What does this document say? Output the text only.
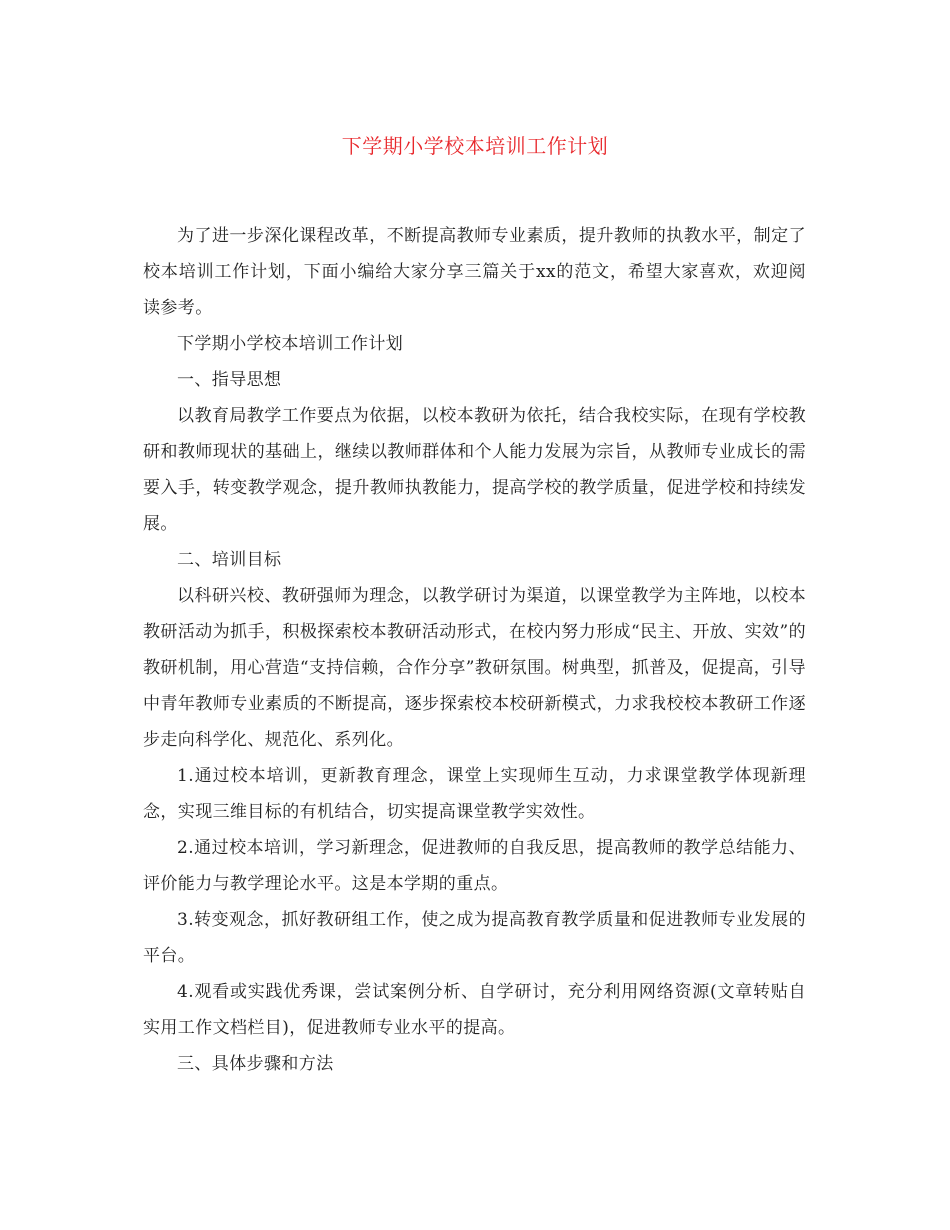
下学期小学校本培训工作计划

为了进一步深化课程改革，不断提高教师专业素质，提升教师的执教水平，制定了校本培训工作计划，下面小编给大家分享三篇关于xx的范文，希望大家喜欢，欢迎阅读参考。

下学期小学校本培训工作计划

一、指导思想

以教育局教学工作要点为依据，以校本教研为依托，结合我校实际，在现有学校教研和教师现状的基础上，继续以教师群体和个人能力发展为宗旨，从教师专业成长的需要入手，转变教学观念，提升教师执教能力，提高学校的教学质量，促进学校和持续发展。

二、培训目标

以科研兴校、教研强师为理念，以教学研讨为渠道，以课堂教学为主阵地，以校本教研活动为抓手，积极探索校本教研活动形式，在校内努力形成“民主、开放、实效”的教研机制，用心营造“支持信赖，合作分享”教研氛围。树典型，抓普及，促提高，引导中青年教师专业素质的不断提高，逐步探索校本校研新模式，力求我校校本教研工作逐步走向科学化、规范化、系列化。

1.通过校本培训，更新教育理念，课堂上实现师生互动，力求课堂教学体现新理念，实现三维目标的有机结合，切实提高课堂教学实效性。

2.通过校本培训，学习新理念，促进教师的自我反思，提高教师的教学总结能力、评价能力与教学理论水平。这是本学期的重点。

3.转变观念，抓好教研组工作，使之成为提高教育教学质量和促进教师专业发展的平台。

4.观看或实践优秀课，尝试案例分析、自学研讨，充分利用网络资源(文章转贴自实用工作文档栏目)，促进教师专业水平的提高。

三、具体步骤和方法
